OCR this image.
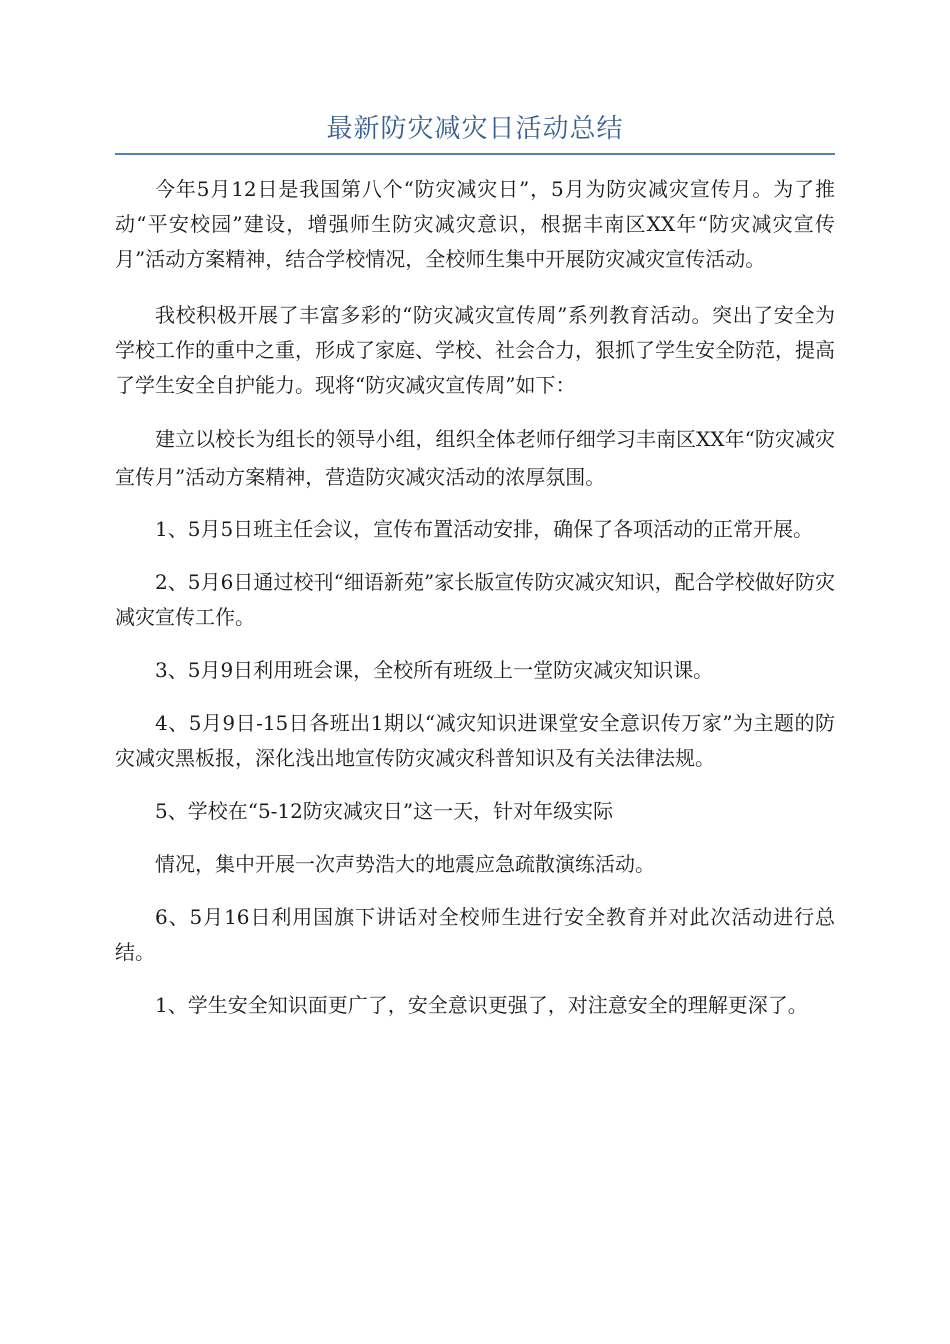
最新防灾减灾日活动总结

今年5月12日是我国第八个“防灾减灾日”，5月为防灾减灾宣传月。为了推动“平安校园”建设，增强师生防灾减灾意识，根据丰南区XX年“防灾减灾宣传月”活动方案精神，结合学校情况，全校师生集中开展防灾减灾宣传活动。

我校积极开展了丰富多彩的“防灾减灾宣传周”系列教育活动。突出了安全为学校工作的重中之重，形成了家庭、学校、社会合力，狠抓了学生安全防范，提高了学生安全自护能力。现将“防灾减灾宣传周”如下：

建立以校长为组长的领导小组，组织全体老师仔细学习丰南区XX年“防灾减灾宣传月”活动方案精神，营造防灾减灾活动的浓厚氛围。

1、5月5日班主任会议，宣传布置活动安排，确保了各项活动的正常开展。

2、5月6日通过校刊“细语新苑”家长版宣传防灾减灾知识，配合学校做好防灾减灾宣传工作。

3、5月9日利用班会课，全校所有班级上一堂防灾减灾知识课。

4、5月9日-15日各班出1期以“减灾知识进课堂安全意识传万家”为主题的防灾减灾黑板报，深化浅出地宣传防灾减灾科普知识及有关法律法规。

5、学校在“5-12防灾减灾日”这一天，针对年级实际

情况，集中开展一次声势浩大的地震应急疏散演练活动。

6、5月16日利用国旗下讲话对全校师生进行安全教育并对此次活动进行总结。

1、学生安全知识面更广了，安全意识更强了，对注意安全的理解更深了。
